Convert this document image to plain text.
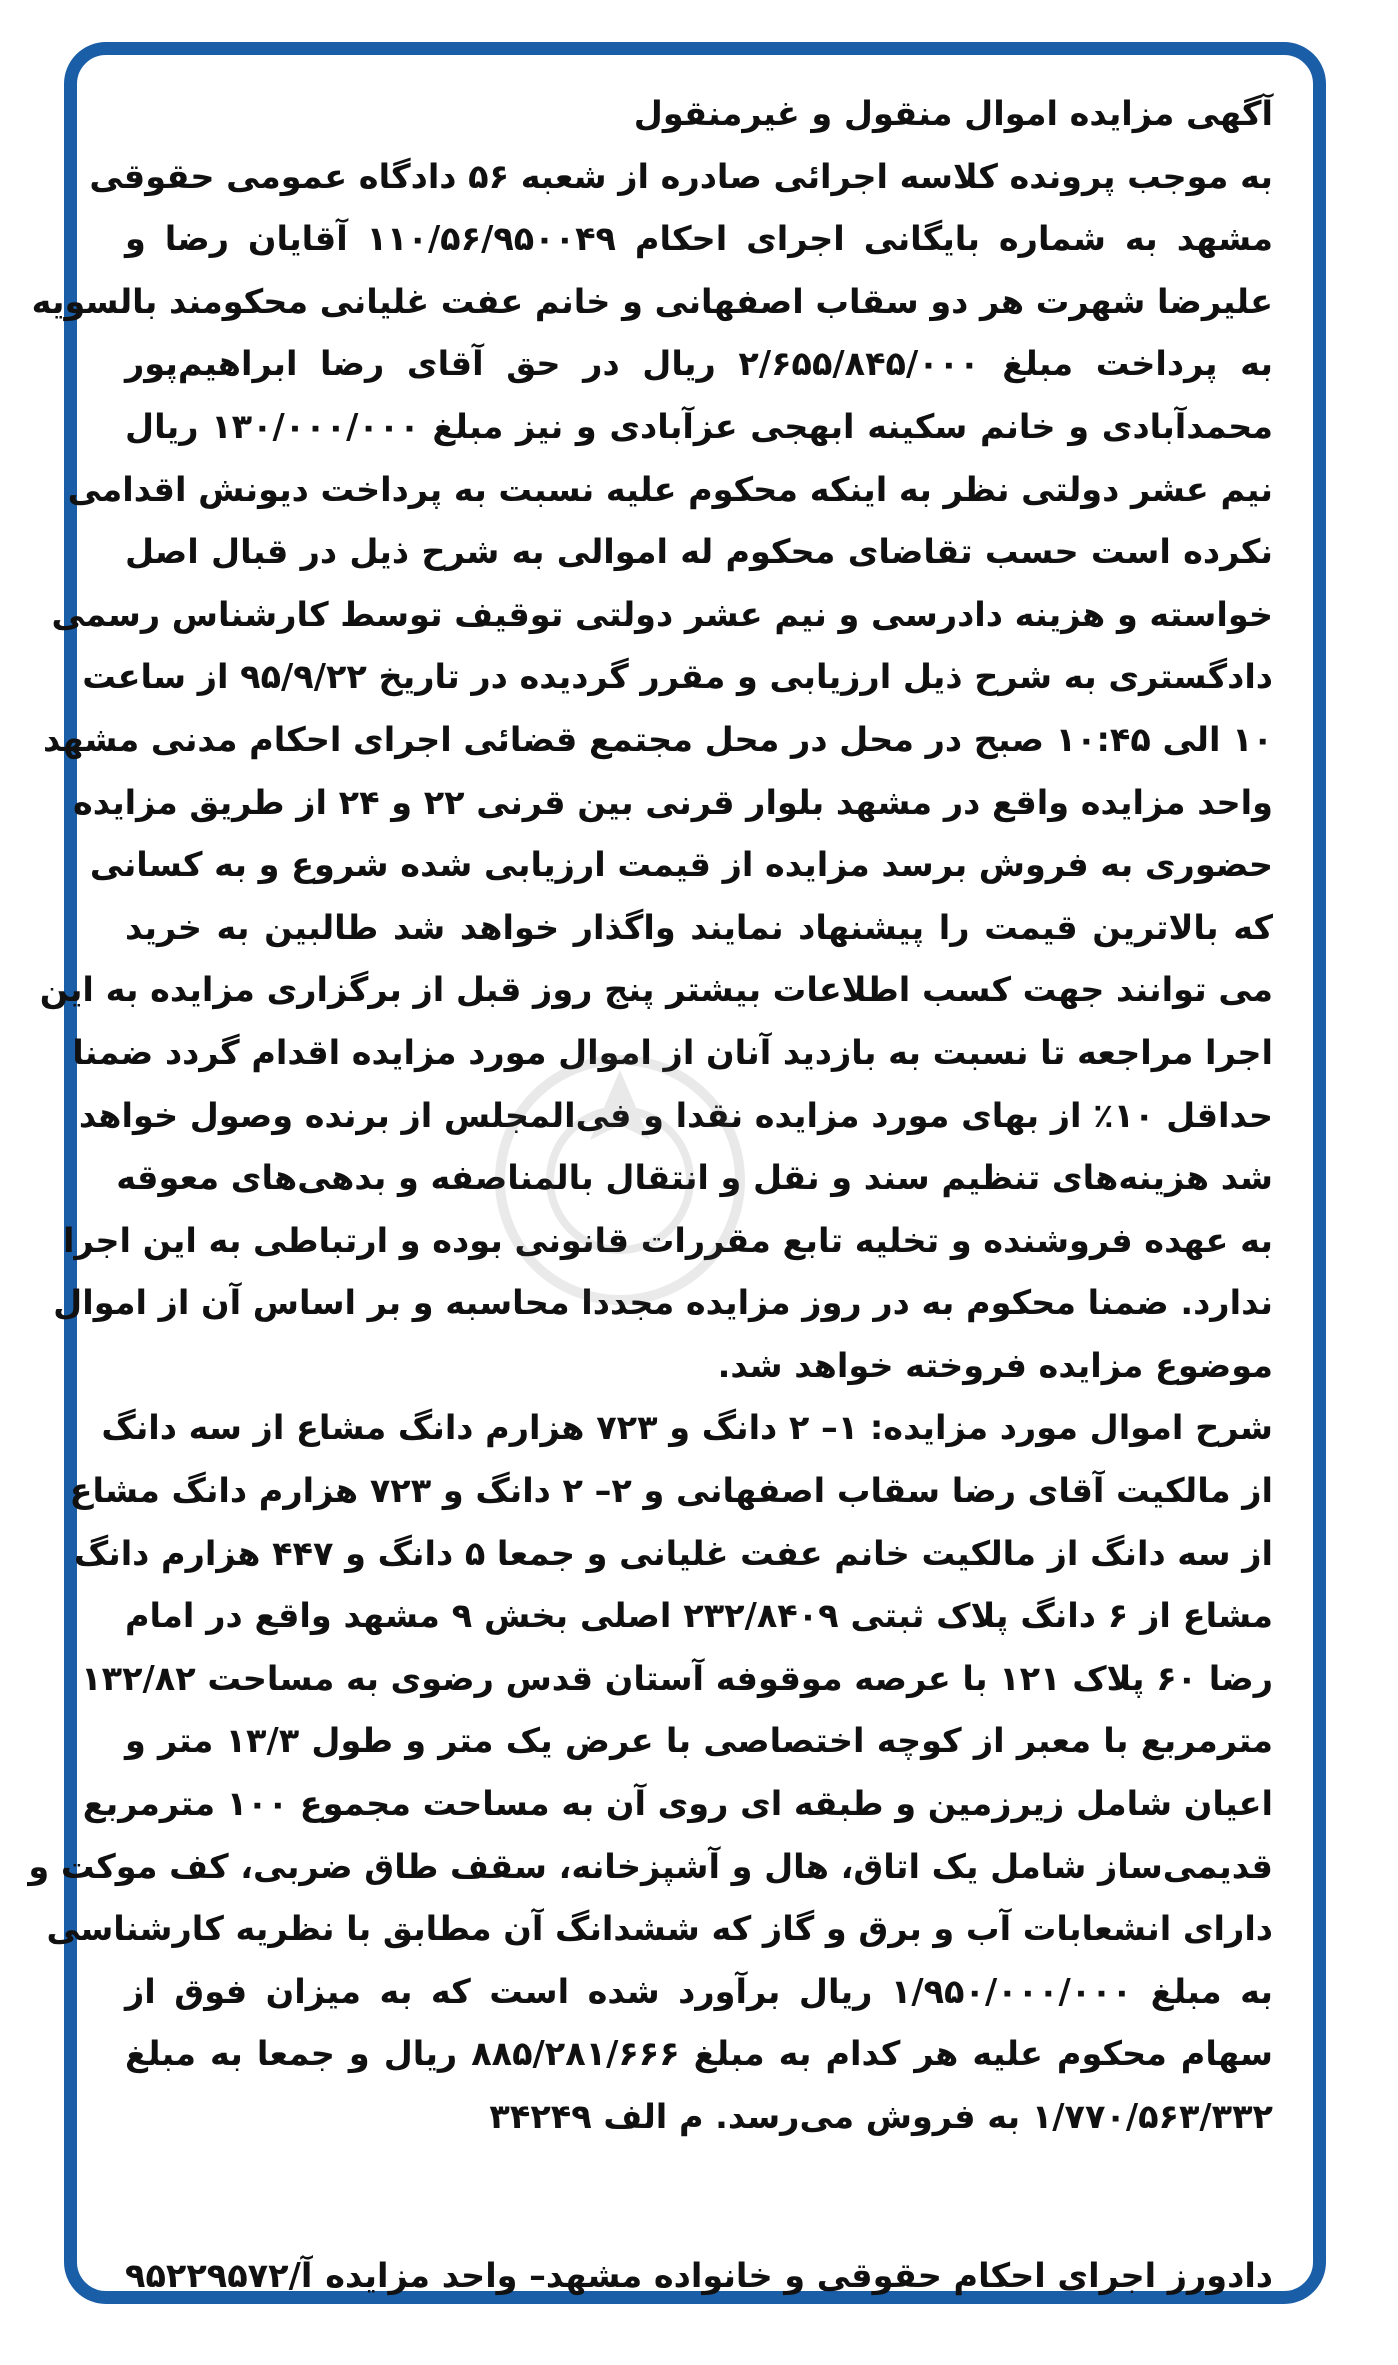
آگهی مزایده اموال منقول و غیرمنقول
به موجب پرونده کلاسه اجرائی صادره از شعبه ۵۶ دادگاه عمومی حقوقی
مشهد به شماره بایگانی اجرای احکام ۱۱۰/۵۶/۹۵۰۰۴۹ آقایان رضا و
علیرضا شهرت هر دو سقاب اصفهانی و خانم عفت غلیانی محکومند بالسویه
به پرداخت مبلغ ۲/۶۵۵/۸۴۵/۰۰۰ ریال در حق آقای رضا ابراهیم‌پور
محمدآبادی و خانم سکینه ابهجی عزآبادی و نیز مبلغ ۱۳۰/۰۰۰/۰۰۰ ریال
نیم عشر دولتی نظر به اینکه محکوم علیه نسبت به پرداخت دیونش اقدامی
نکرده است حسب تقاضای محکوم له اموالی به شرح ذیل در قبال اصل
خواسته و هزینه دادرسی و نیم عشر دولتی توقیف توسط کارشناس رسمی
دادگستری به شرح ذیل ارزیابی و مقرر گردیده در تاریخ ۹۵/۹/۲۲ از ساعت
۱۰ الی ۱۰:۴۵ صبح در محل در محل مجتمع قضائی اجرای احکام مدنی مشهد
واحد مزایده واقع در مشهد بلوار قرنی بین قرنی ۲۲ و ۲۴ از طریق مزایده
حضوری به فروش برسد مزایده از قیمت ارزیابی شده شروع و به کسانی
که بالاترین قیمت را پیشنهاد نمایند واگذار خواهد شد طالبین به خرید
می توانند جهت کسب اطلاعات بیشتر پنج روز قبل از برگزاری مزایده به این
اجرا مراجعه تا نسبت به بازدید آنان از اموال مورد مزایده اقدام گردد ضمنا
حداقل ۱۰٪ از بهای مورد مزایده نقدا و فی‌المجلس از برنده وصول خواهد
شد هزینه‌های تنظیم سند و نقل و انتقال بالمناصفه و بدهی‌های معوقه
به عهده فروشنده و تخلیه تابع مقررات قانونی بوده و ارتباطی به این اجرا
ندارد. ضمنا محکوم به در روز مزایده مجددا محاسبه و بر اساس آن از اموال
موضوع مزایده فروخته خواهد شد.
شرح اموال مورد مزایده: ۱– ۲ دانگ و ۷۲۳ هزارم دانگ مشاع از سه دانگ
از مالکیت آقای رضا سقاب اصفهانی و ۲– ۲ دانگ و ۷۲۳ هزارم دانگ مشاع
از سه دانگ از مالکیت خانم عفت غلیانی و جمعا ۵ دانگ و ۴۴۷ هزارم دانگ
مشاع از ۶ دانگ پلاک ثبتی ۲۳۲/۸۴۰۹ اصلی بخش ۹ مشهد واقع در امام
رضا ۶۰ پلاک ۱۲۱ با عرصه موقوفه آستان قدس رضوی به مساحت ۱۳۲/۸۲
مترمربع با معبر از کوچه اختصاصی با عرض یک متر و طول ۱۳/۳ متر و
اعیان شامل زیرزمین و طبقه ای روی آن به مساحت مجموع ۱۰۰ مترمربع
قدیمی‌ساز شامل یک اتاق، هال و آشپزخانه، سقف طاق ضربی، کف موکت و
دارای انشعابات آب و برق و گاز که ششدانگ آن مطابق با نظریه کارشناسی
به مبلغ ۱/۹۵۰/۰۰۰/۰۰۰ ریال برآورد شده است که به میزان فوق از
سهام محکوم علیه هر کدام به مبلغ ۸۸۵/۲۸۱/۶۶۶ ریال و جمعا به مبلغ
۱/۷۷۰/۵۶۳/۳۳۲ به فروش می‌رسد. م الف ۳۴۲۴۹
دادورز اجرای احکام حقوقی و خانواده مشهد– واحد مزایده
آ/۹۵۲۲۹۵۷۲
